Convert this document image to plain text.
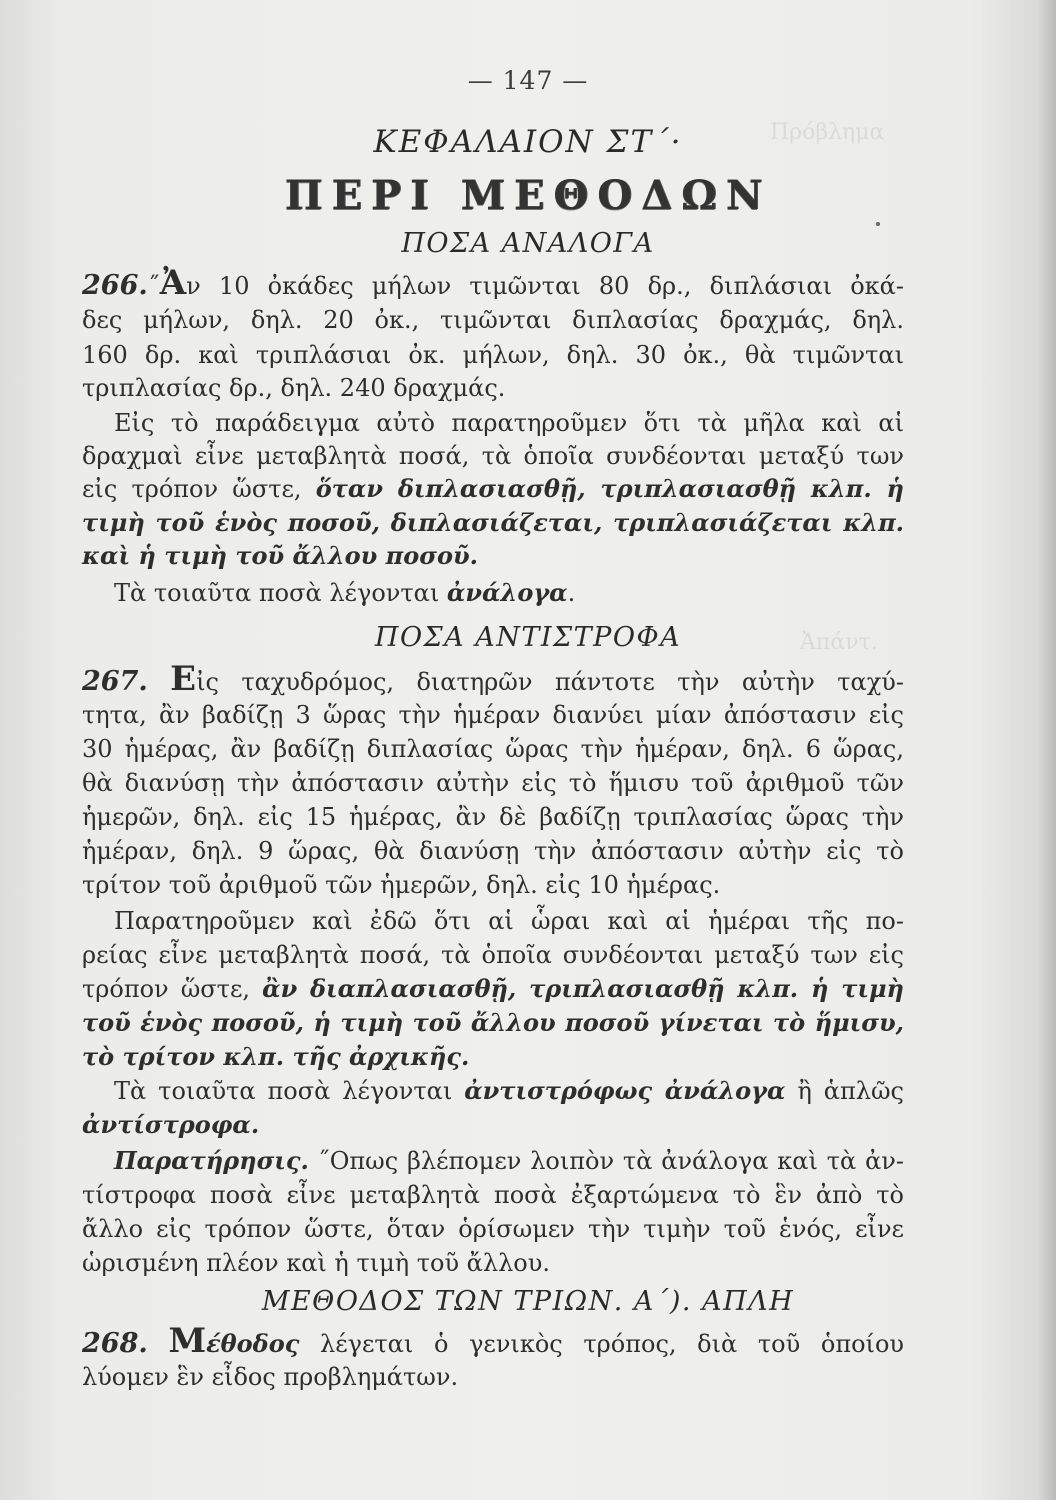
Πρόβλημα
Ἀπάντ.
— 147 —
ΚΕΦΑΛΑΙΟΝ ΣΤ΄·
ΠΕΡΙ ΜΕΘΟΔΩΝ
ΠΟΣΑ ΑΝΑΛΟΓΑ
266.˝Ἀν 10 ὀκάδες μήλων τιμῶνται 80 δρ., διπλάσιαι ὀκά-
δες μήλων, δηλ. 20 ὀκ., τιμῶνται διπλασίας δραχμάς, δηλ.
160 δρ. καὶ τριπλάσιαι ὀκ. μήλων, δηλ. 30 ὀκ., θὰ τιμῶνται
τριπλασίας δρ., δηλ. 240 δραχμάς.
Εἰς τὸ παράδειγμα αὐτὸ παρατηροῦμεν ὅτι τὰ μῆλα καὶ αἱ
δραχμαὶ εἶνε μεταβλητὰ ποσά, τὰ ὁποῖα συνδέονται μεταξύ των
εἰς τρόπον ὥστε, ὅταν διπλασιασθῇ, τριπλασιασθῇ κλπ. ἡ
τιμὴ τοῦ ἑνὸς ποσοῦ, διπλασιάζεται, τριπλασιάζεται κλπ.
καὶ ἡ τιμὴ τοῦ ἄλλου ποσοῦ.
Τὰ τοιαῦτα ποσὰ λέγονται ἀνάλογα.
ΠΟΣΑ ΑΝΤΙΣΤΡΟΦΑ
267. Εἰς ταχυδρόμος, διατηρῶν πάντοτε τὴν αὐτὴν ταχύ-
τητα, ἂν βαδίζῃ 3 ὥρας τὴν ἡμέραν διανύει μίαν ἀπόστασιν εἰς
30 ἡμέρας, ἂν βαδίζῃ διπλασίας ὥρας τὴν ἡμέραν, δηλ. 6 ὥρας,
θὰ διανύσῃ τὴν ἀπόστασιν αὐτὴν εἰς τὸ ἥμισυ τοῦ ἀριθμοῦ τῶν
ἡμερῶν, δηλ. εἰς 15 ἡμέρας, ἂν δὲ βαδίζῃ τριπλασίας ὥρας τὴν
ἡμέραν, δηλ. 9 ὥρας, θὰ διανύσῃ τὴν ἀπόστασιν αὐτὴν εἰς τὸ
τρίτον τοῦ ἀριθμοῦ τῶν ἡμερῶν, δηλ. εἰς 10 ἡμέρας.
Παρατηροῦμεν καὶ ἐδῶ ὅτι αἱ ὧραι καὶ αἱ ἡμέραι τῆς πο-
ρείας εἶνε μεταβλητὰ ποσά, τὰ ὁποῖα συνδέονται μεταξύ των εἰς
τρόπον ὥστε, ἂν διαπλασιασθῇ, τριπλασιασθῇ κλπ. ἡ τιμὴ
τοῦ ἑνὸς ποσοῦ, ἡ τιμὴ τοῦ ἄλλου ποσοῦ γίνεται τὸ ἥμισυ,
τὸ τρίτον κλπ. τῆς ἀρχικῆς.
Τὰ τοιαῦτα ποσὰ λέγονται ἀντιστρόφως ἀνάλογα ἢ ἁπλῶς
ἀντίστροφα.
Παρατήρησις. ˝Οπως βλέπομεν λοιπὸν τὰ ἀνάλογα καὶ τὰ ἀν-
τίστροφα ποσὰ εἶνε μεταβλητὰ ποσὰ ἐξαρτώμενα τὸ ἓν ἀπὸ τὸ
ἄλλο εἰς τρόπον ὥστε, ὅταν ὁρίσωμεν τὴν τιμὴν τοῦ ἑνός, εἶνε
ὡρισμένη πλέον καὶ ἡ τιμὴ τοῦ ἄλλου.
ΜΕΘΟΔΟΣ ΤΩΝ ΤΡΙΩΝ. Α΄). ΑΠΛΗ
268. Μέθοδος λέγεται ὁ γενικὸς τρόπος, διὰ τοῦ ὁποίου
λύομεν ἓν εἶδος προβλημάτων.
